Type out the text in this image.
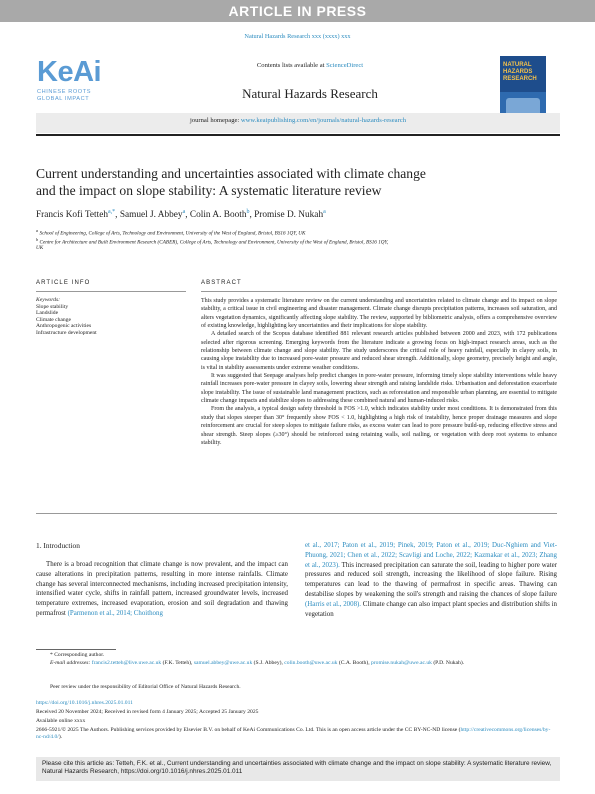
ARTICLE IN PRESS
Natural Hazards Research xxx (xxxx) xxx
KeAi
CHINESE ROOTS
GLOBAL IMPACT
Contents lists available at ScienceDirect
Natural Hazards Research
NATURAL HAZARDS RESEARCH
journal homepage: www.keaipublishing.com/en/journals/natural-hazards-research
Current understanding and uncertainties associated with climate change
and the impact on slope stability: A systematic literature review
Francis Kofi Tetteh$^{a,*}$, Samuel J. Abbey$^a$, Colin A. Booth$^b$, Promise D. Nukah$^a$
$^a$ School of Engineering, College of Arts, Technology and Environment, University of the West of England, Bristol, BS16 1QY, UK
$^b$ Centre for Architecture and Built Environment Research (CABER), College of Arts, Technology and Environment, University of the West of England, Bristol, BS16 1QY,
UK
ARTICLE INFO	ABSTRACT
Keywords:
Slope stability
Landslide
Climate change
Anthropogenic activities
Infrastructure development

This study provides a systematic literature review on the current understanding and uncertainties related to climate change and its impact on slope stability, a critical issue in civil engineering and disaster management. Climate change disrupts precipitation patterns, increases soil saturation, and alters vegetation dynamics, significantly affecting slope stability. The review, supported by bibliometric analysis, offers a comprehensive overview of existing knowledge, highlighting key uncertainties and their implications for slope stability.

A detailed search of the Scopus database identified 881 relevant research articles published between 2000 and 2023, with 172 publications selected after rigorous screening. Emerging keywords from the literature indicate a growing focus on high-impact research areas, such as the relationship between climate change and slope stability. The study underscores the critical role of heavy rainfall, especially in clayey soils, in causing slope instability due to increased pore-water pressure and reduced shear strength. Additionally, slope geometry, precisely height and angle, is vital in stability assessments under extreme weather conditions.

It was suggested that Seepage analyses help predict changes in pore-water pressure, informing timely slope stability interventions while heavy rainfall increases pore-water pressure in clayey soils, lowering shear strength and raising landslide risks. Urbanisation and deforestation exacerbate slope instability. The issue of sustainable land management practices, such as reforestation and responsible urban planning, are essential to mitigate climate change impacts and stabilize slopes to addressing these combined natural and human-induced risks.

From the analysis, a typical design safety threshold is FOS >1.0, which indicates stability under most conditions. It is demonstrated from this study that slopes steeper than 30° frequently show FOS < 1.0, highlighting a high risk of instability, hence proper drainage measures and slope reinforcement are crucial for steep slopes to mitigate failure risks, as excess water can lead to pore pressure build-up, reducing effective stress and shear strength. Steep slopes (≥30°) should be reinforced using retaining walls, soil nailing, or vegetation with deep root systems to enhance stability.

1. Introduction
There is a broad recognition that climate change is now prevalent, and the impact can cause alterations in precipitation patterns, resulting in more intense rainfalls. Climate change has several interconnected mechanisms, including increased precipitation intensity, intensified water cycle, shifts in rainfall pattern, increased groundwater levels, increased temperature extremes, increased evaporation, erosion and soil degradation and thawing permafrost (Parmenon et al., 2014; Choithong
et al., 2017; Paton et al., 2019; Pinek, 2019; Paton et al., 2019; Duc-Nghiem and Viet-Phuong, 2021; Chen et al., 2022; Scavligi and Loche, 2022; Kazmakar et al., 2023; Zhang et al., 2023). This increased precipitation can saturate the soil, leading to higher pore water pressures and reduced soil strength, increasing the likelihood of slope failure. Rising temperatures can lead to the thawing of permafrost in specific areas. Thawing can destabilise slopes by weakening the soil's strength and raising the chances of slope failure (Harris et al., 2008). Climate change can also impact plant species and distribution shifts in vegetation
* Corresponding author.
E-mail addresses: francis2.tetteh@live.uwe.ac.uk (F.K. Tetteh), samuel.abbey@uwe.ac.uk (S.J. Abbey), colin.booth@uwe.ac.uk (C.A. Booth), promise.nukah@uwe.ac.uk (P.D. Nukah).
Peer review under the responsibility of Editorial Office of Natural Hazards Research.
https://doi.org/10.1016/j.nhres.2025.01.011
Received 20 November 2024; Received in revised form 4 January 2025; Accepted 25 January 2025
Available online xxxx
2666-5921/© 2025 The Authors. Publishing services provided by Elsevier B.V. on behalf of KeAi Communications Co. Ltd. This is an open access article under the CC BY-NC-ND license (http://creativecommons.org/licenses/by-nc-nd/4.0/).
Please cite this article as: Tetteh, F.K. et al., Current understanding and uncertainties associated with climate change and the impact on slope stability: A systematic literature review, Natural Hazards Research, https://doi.org/10.1016/j.nhres.2025.01.011
